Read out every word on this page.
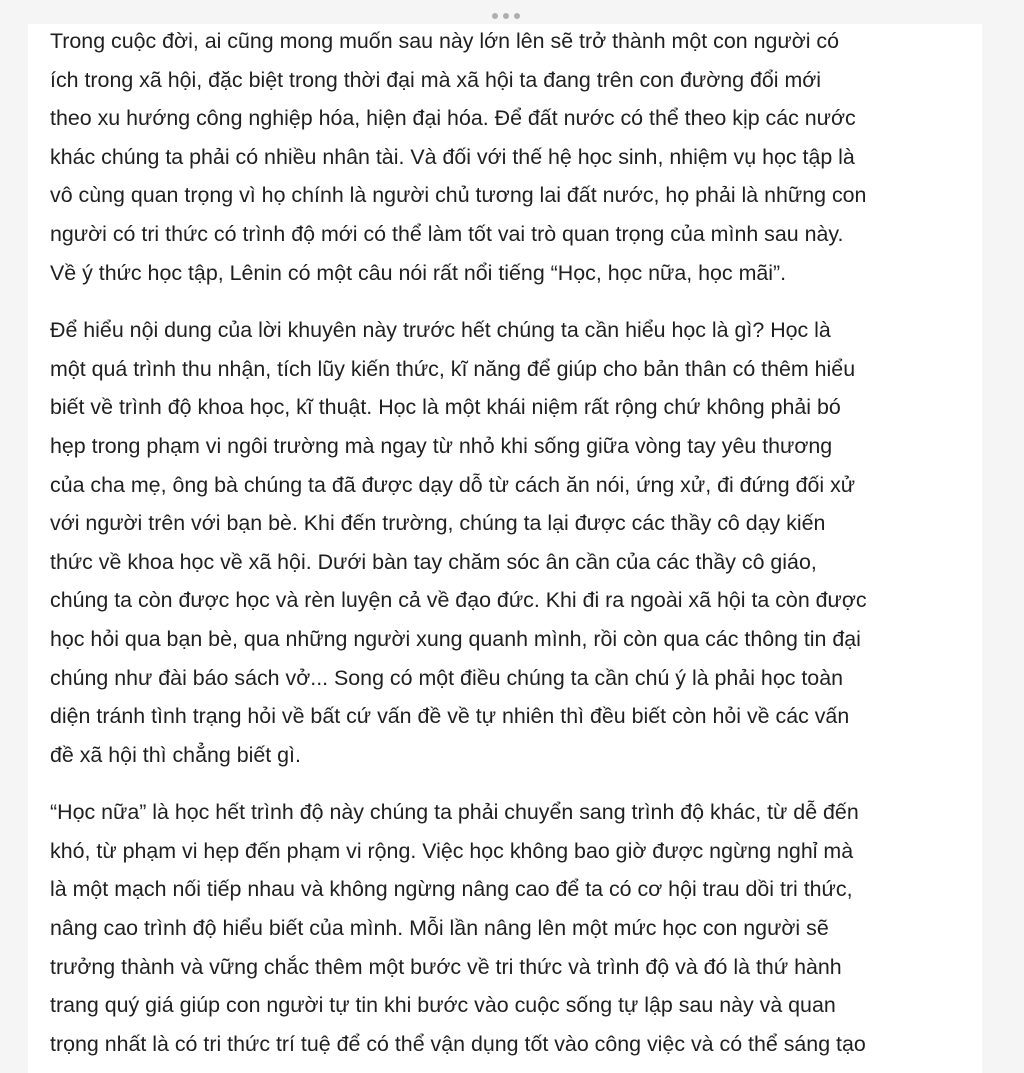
Trong cuộc đời, ai cũng mong muốn sau này lớn lên sẽ trở thành một con người có
ích trong xã hội, đặc biệt trong thời đại mà xã hội ta đang trên con đường đổi mới
theo xu hướng công nghiệp hóa, hiện đại hóa. Để đất nước có thể theo kịp các nước
khác chúng ta phải có nhiều nhân tài. Và đối với thế hệ học sinh, nhiệm vụ học tập là
vô cùng quan trọng vì họ chính là người chủ tương lai đất nước, họ phải là những con
người có tri thức có trình độ mới có thể làm tốt vai trò quan trọng của mình sau này.
Về ý thức học tập, Lênin có một câu nói rất nổi tiếng “Học, học nữa, học mãi”.

Để hiểu nội dung của lời khuyên này trước hết chúng ta cần hiểu học là gì? Học là
một quá trình thu nhận, tích lũy kiến thức, kĩ năng để giúp cho bản thân có thêm hiểu
biết về trình độ khoa học, kĩ thuật. Học là một khái niệm rất rộng chứ không phải bó
hẹp trong phạm vi ngôi trường mà ngay từ nhỏ khi sống giữa vòng tay yêu thương
của cha mẹ, ông bà chúng ta đã được dạy dỗ từ cách ăn nói, ứng xử, đi đứng đối xử
với người trên với bạn bè. Khi đến trường, chúng ta lại được các thầy cô dạy kiến
thức về khoa học về xã hội. Dưới bàn tay chăm sóc ân cần của các thầy cô giáo,
chúng ta còn được học và rèn luyện cả về đạo đức. Khi đi ra ngoài xã hội ta còn được
học hỏi qua bạn bè, qua những người xung quanh mình, rồi còn qua các thông tin đại
chúng như đài báo sách vở... Song có một điều chúng ta cần chú ý là phải học toàn
diện tránh tình trạng hỏi về bất cứ vấn đề về tự nhiên thì đều biết còn hỏi về các vấn
đề xã hội thì chẳng biết gì.

“Học nữa” là học hết trình độ này chúng ta phải chuyển sang trình độ khác, từ dễ đến
khó, từ phạm vi hẹp đến phạm vi rộng. Việc học không bao giờ được ngừng nghỉ mà
là một mạch nối tiếp nhau và không ngừng nâng cao để ta có cơ hội trau dồi tri thức,
nâng cao trình độ hiểu biết của mình. Mỗi lần nâng lên một mức học con người sẽ
trưởng thành và vững chắc thêm một bước về tri thức và trình độ và đó là thứ hành
trang quý giá giúp con người tự tin khi bước vào cuộc sống tự lập sau này và quan
trọng nhất là có tri thức trí tuệ để có thể vận dụng tốt vào công việc và có thể sáng tạo
